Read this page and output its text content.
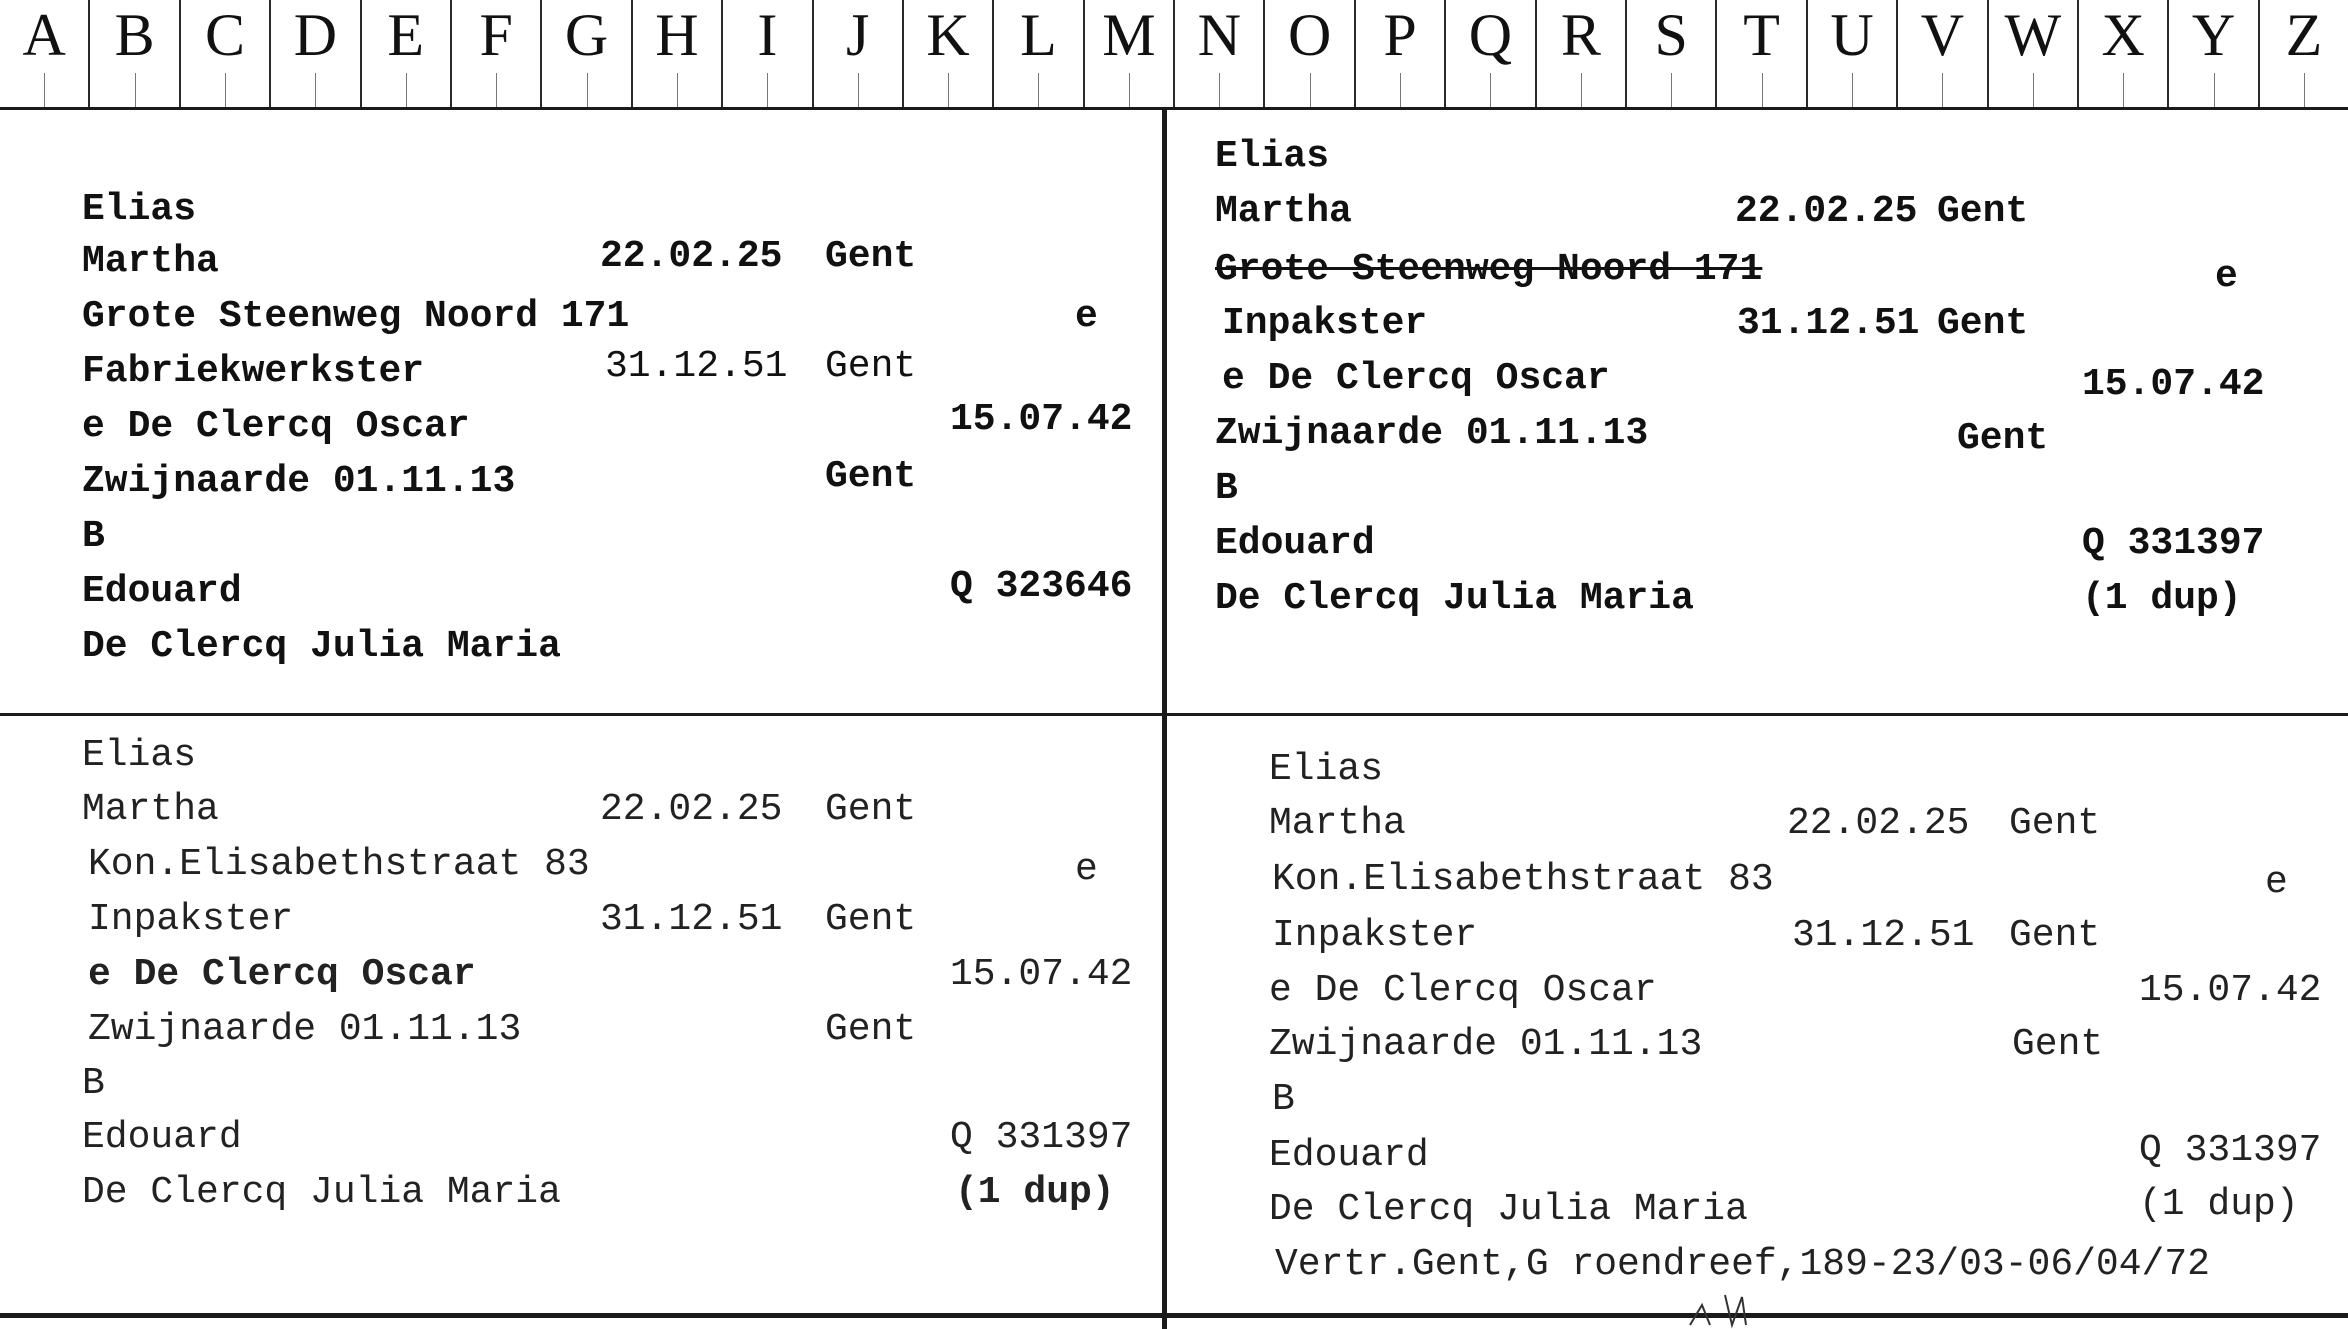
A B C D E F G H I	J K L M N O P Q R S T U V W X Y Z
Elias
Martha	22.02.25 Gent
Grote Steenweg Noord 171	e
Fabriekwerkster	31.12.51 Gent
e De Clercq Oscar	15.07.42
Zwijnaarde 01.11.13	Gent
B
Edouard	Q 323646
De Clercq Julia Maria
Elias
Martha	22.02.25 Gent
Grote Steenweg Noord 171	e
Inpakster	31.12.51 Gent
e De Clercq Oscar	15.07.42
Zwijnaarde 01.11.13	Gent
B
Edouard	Q 331397
De Clercq Julia Maria	(1 dup)
Elias
Martha	22.02.25 Gent
Kon.Elisabethstraat 83	e
Inpakster	31.12.51 Gent
e De Clercq Oscar	15.07.42
Zwijnaarde 01.11.13	Gent
B
Edouard	Q 331397
De Clercq Julia Maria	(1 dup)
Elias
Martha	22.02.25 Gent
Kon.Elisabethstraat 83	e
Inpakster	31.12.51 Gent
e De Clercq Oscar	15.07.42
Zwijnaarde 01.11.13	Gent
B
Edouard	Q 331397
De Clercq Julia Maria	(1 dup)
Vertr.Gent,G roendreef,189-23/03-06/04/72
